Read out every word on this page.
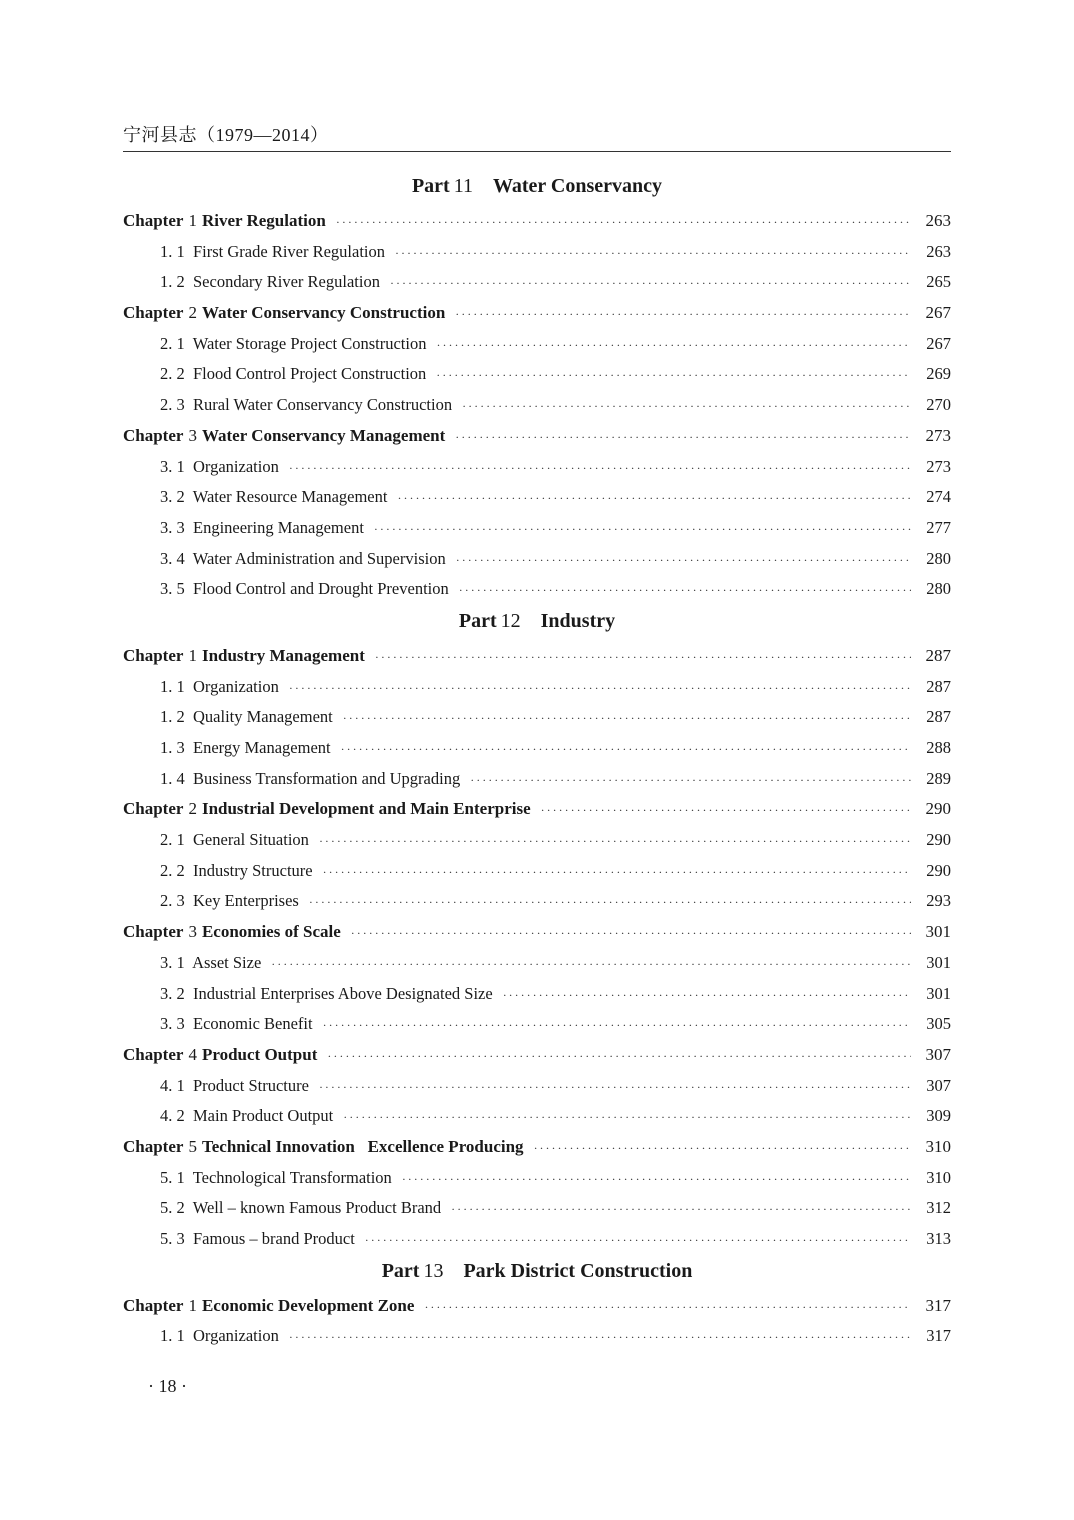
宁河县志（1979—2014）
Part 11 Water Conservancy
Chapter 1 River Regulation ·····	263
1. 1  First Grade River Regulation ·····	263
1. 2  Secondary River Regulation ·····	265
Chapter 2 Water Conservancy Construction ·····	267
2. 1  Water Storage Project Construction ·····	267
2. 2  Flood Control Project Construction ·····	269
2. 3  Rural Water Conservancy Construction ·····	270
Chapter 3 Water Conservancy Management ·····	273
3. 1  Organization ·····	273
3. 2  Water Resource Management ·····	274
3. 3  Engineering Management ·····	277
3. 4  Water Administration and Supervision ·····	280
3. 5  Flood Control and Drought Prevention ·····	280
Part 12 Industry
Chapter 1 Industry Management ·····	287
1. 1  Organization ·····	287
1. 2  Quality Management ·····	287
1. 3  Energy Management ·····	288
1. 4  Business Transformation and Upgrading ·····	289
Chapter 2 Industrial Development and Main Enterprise ·····	290
2. 1  General Situation ·····	290
2. 2  Industry Structure ·····	290
2. 3  Key Enterprises ·····	293
Chapter 3 Economies of Scale ·····	301
3. 1  Asset Size ·····	301
3. 2  Industrial Enterprises Above Designated Size ·····	301
3. 3  Economic Benefit ·····	305
Chapter 4 Product Output ·····	307
4. 1  Product Structure ·····	307
4. 2  Main Product Output ·····	309
Chapter 5 Technical Innovation   Excellence Producing ·····	310
5. 1  Technological Transformation ·····	310
5. 2  Well – known Famous Product Brand ·····	312
5. 3  Famous – brand Product ·····	313
Part 13 Park District Construction
Chapter 1 Economic Development Zone ·····	317
1. 1  Organization ·····	317
· 18 ·
